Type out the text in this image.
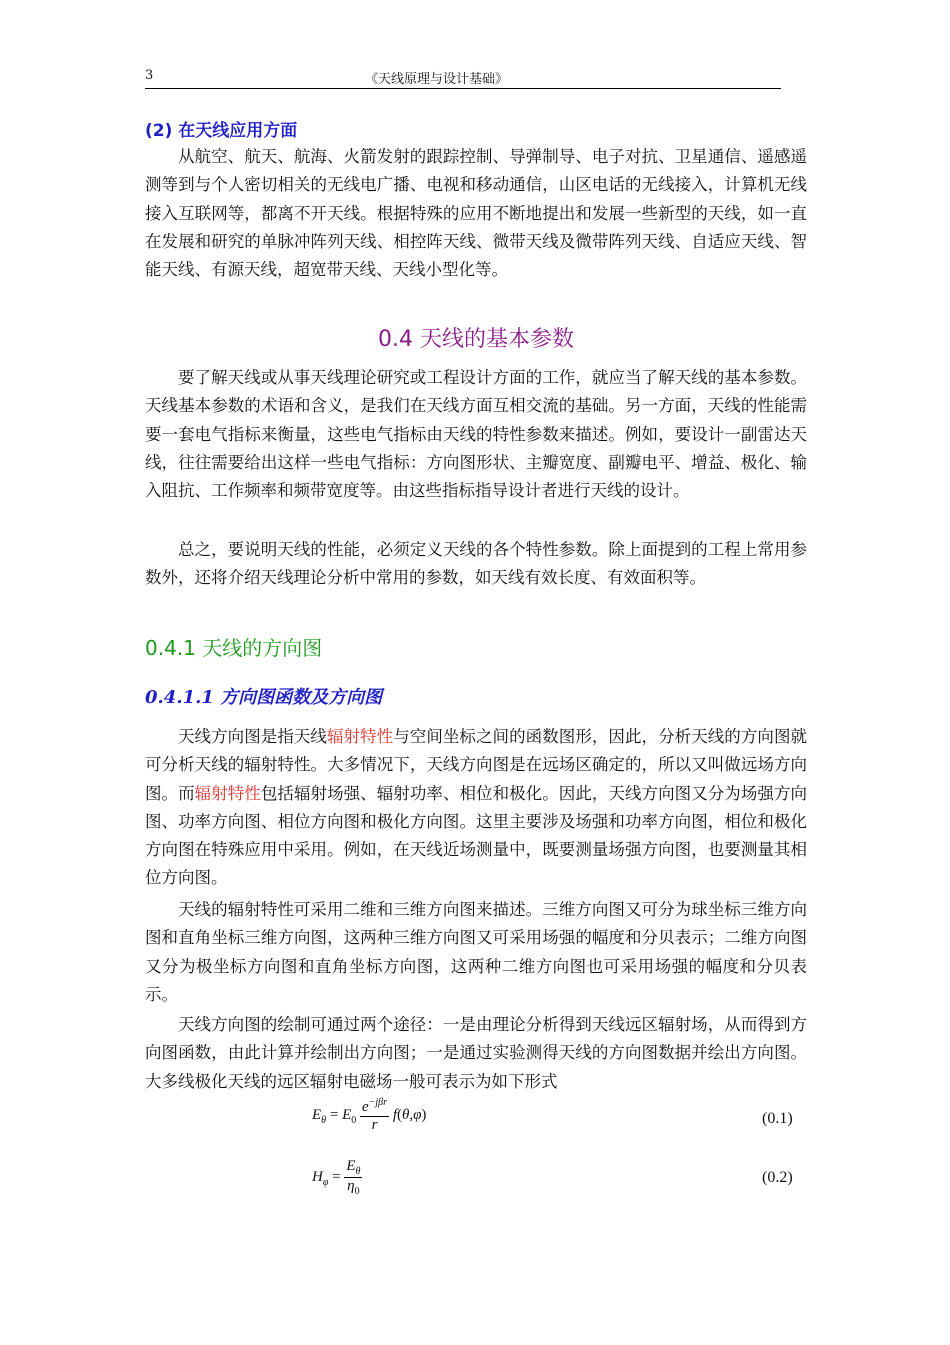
3	《天线原理与设计基础》
(2) 在天线应用方面
从航空、航天、航海、火箭发射的跟踪控制、导弹制导、电子对抗、卫星通信、遥感遥测等到与个人密切相关的无线电广播、电视和移动通信，山区电话的无线接入，计算机无线接入互联网等，都离不开天线。根据特殊的应用不断地提出和发展一些新型的天线，如一直在发展和研究的单脉冲阵列天线、相控阵天线、微带天线及微带阵列天线、自适应天线、智能天线、有源天线，超宽带天线、天线小型化等。
0.4 天线的基本参数
要了解天线或从事天线理论研究或工程设计方面的工作，就应当了解天线的基本参数。天线基本参数的术语和含义，是我们在天线方面互相交流的基础。另一方面，天线的性能需要一套电气指标来衡量，这些电气指标由天线的特性参数来描述。例如，要设计一副雷达天线，往往需要给出这样一些电气指标：方向图形状、主瓣宽度、副瓣电平、增益、极化、输入阻抗、工作频率和频带宽度等。由这些指标指导设计者进行天线的设计。
总之，要说明天线的性能，必须定义天线的各个特性参数。除上面提到的工程上常用参数外，还将介绍天线理论分析中常用的参数，如天线有效长度、有效面积等。
0.4.1 天线的方向图
0.4.1.1 方向图函数及方向图
天线方向图是指天线辐射特性与空间坐标之间的函数图形，因此，分析天线的方向图就可分析天线的辐射特性。大多情况下，天线方向图是在远场区确定的，所以又叫做远场方向图。而辐射特性包括辐射场强、辐射功率、相位和极化。因此，天线方向图又分为场强方向图、功率方向图、相位方向图和极化方向图。这里主要涉及场强和功率方向图，相位和极化方向图在特殊应用中采用。例如，在天线近场测量中，既要测量场强方向图，也要测量其相位方向图。
天线的辐射特性可采用二维和三维方向图来描述。三维方向图又可分为球坐标三维方向图和直角坐标三维方向图，这两种三维方向图又可采用场强的幅度和分贝表示；二维方向图又分为极坐标方向图和直角坐标方向图，这两种二维方向图也可采用场强的幅度和分贝表示。
天线方向图的绘制可通过两个途径：一是由理论分析得到天线远区辐射场，从而得到方向图函数，由此计算并绘制出方向图；一是通过实验测得天线的方向图数据并绘出方向图。大多线极化天线的远区辐射电磁场一般可表示为如下形式
$E_\theta = E_0 \frac{e^{-j\beta r}}{r} f(\theta,\varphi)$	(0.1)
$H_\varphi = \frac{E_\theta}{\eta_0}$	(0.2)
